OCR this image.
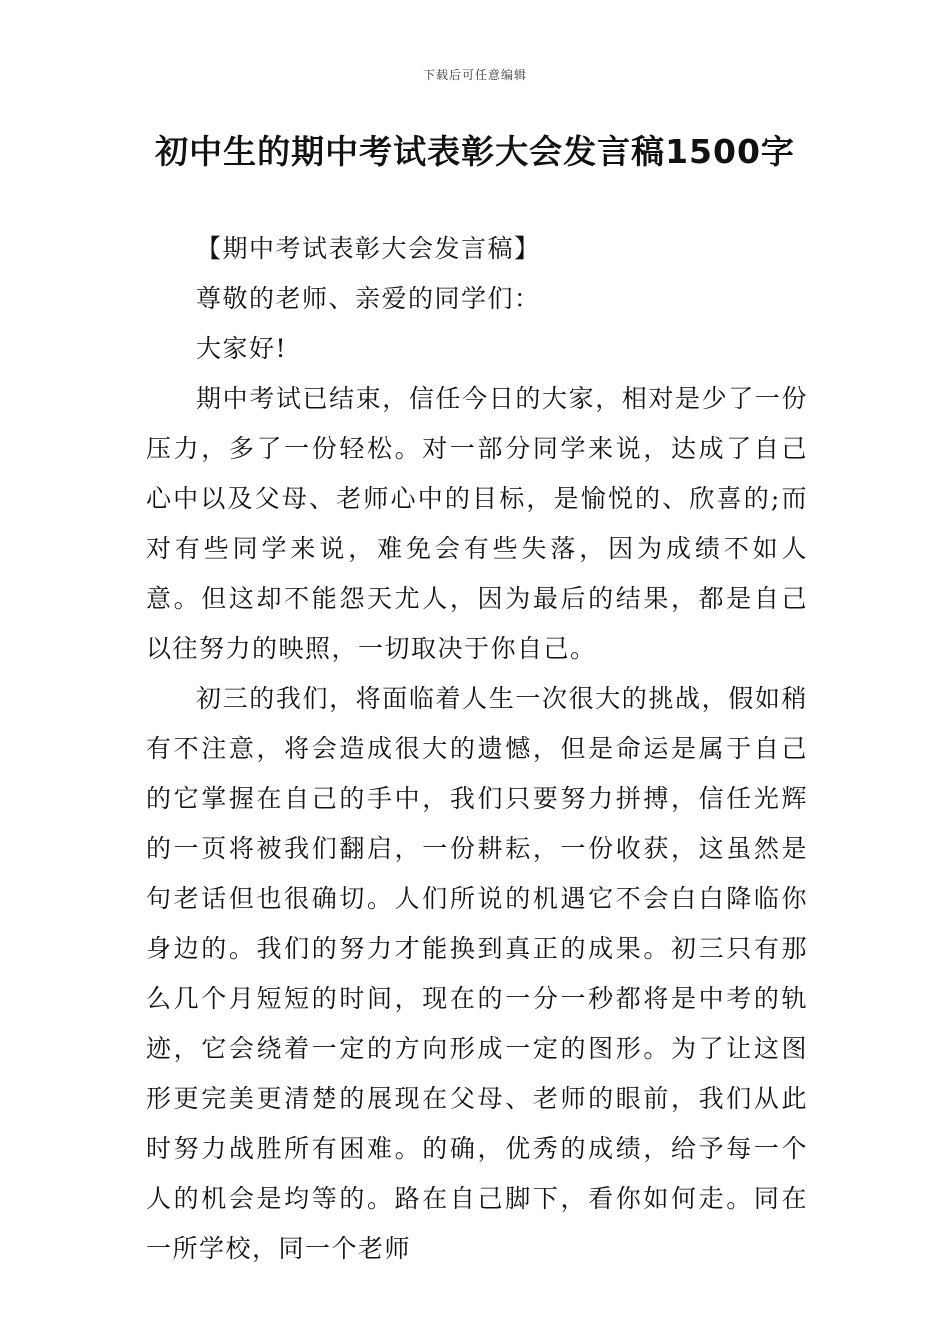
下载后可任意编辑
初中生的期中考试表彰大会发言稿1500字

【期中考试表彰大会发言稿】

尊敬的老师、亲爱的同学们：

大家好!

期中考试已结束，信任今日的大家，相对是少了一份压力，多了一份轻松。对一部分同学来说，达成了自己心中以及父母、老师心中的目标，是愉悦的、欣喜的;而对有些同学来说，难免会有些失落，因为成绩不如人意。但这却不能怨天尤人，因为最后的结果，都是自己以往努力的映照，一切取决于你自己。

初三的我们，将面临着人生一次很大的挑战，假如稍有不注意，将会造成很大的遗憾，但是命运是属于自己的它掌握在自己的手中，我们只要努力拼搏，信任光辉的一页将被我们翻启，一份耕耘，一份收获，这虽然是句老话但也很确切。人们所说的机遇它不会白白降临你身边的。我们的努力才能换到真正的成果。初三只有那么几个月短短的时间，现在的一分一秒都将是中考的轨迹，它会绕着一定的方向形成一定的图形。为了让这图形更完美更清楚的展现在父母、老师的眼前，我们从此时努力战胜所有困难。的确，优秀的成绩，给予每一个人的机会是均等的。路在自己脚下，看你如何走。同在一所学校，同一个老师
